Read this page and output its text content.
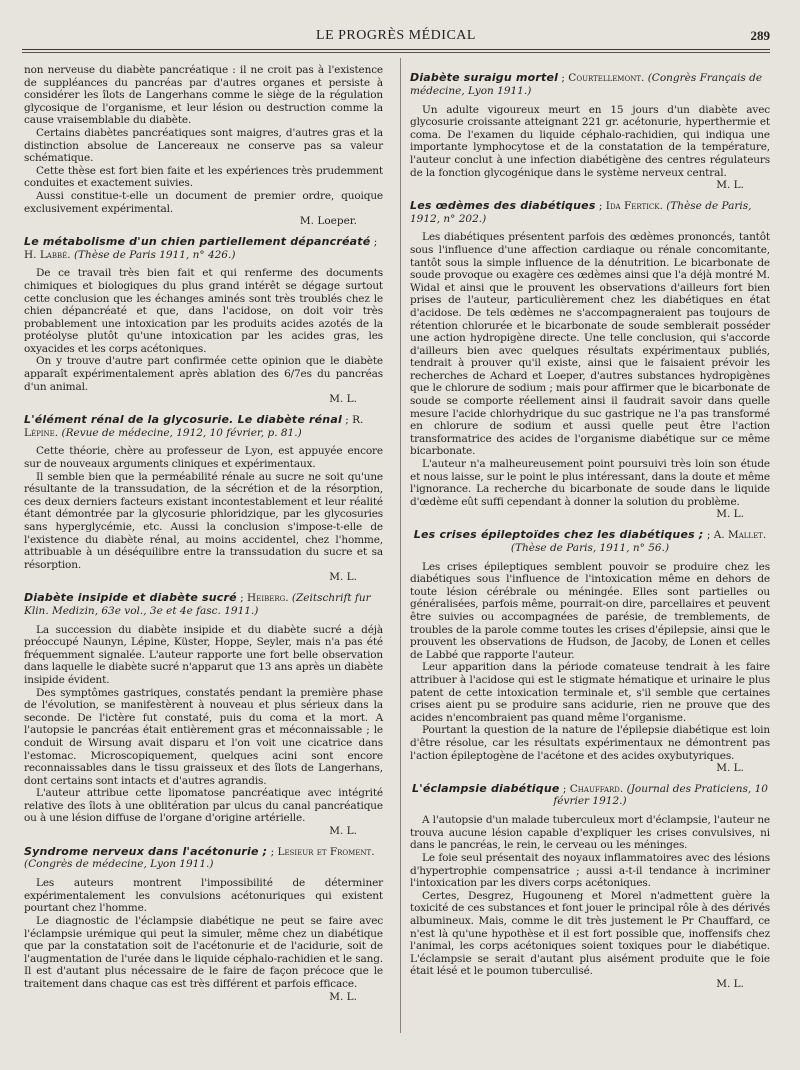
LE PROGRÈS MÉDICAL	289

non nerveuse du diabète pancréatique : il ne croit pas à l'existence de suppléances du pancréas par d'autres organes et persiste à considérer les îlots de Langerhans comme le siège de la régulation glycosique de l'organisme, et leur lésion ou destruction comme la cause vraisemblable du diabète.

Certains diabètes pancréatiques sont maigres, d'autres gras et la distinction absolue de Lancereaux ne conserve pas sa valeur schématique.

Cette thèse est fort bien faite et les expériences très prudemment conduites et exactement suivies.

Aussi constitue-t-elle un document de premier ordre, quoique exclusivement expérimental.

M. Loeper.
Le métabolisme d'un chien partiellement dépancréaté ; H. Labbé. (Thèse de Paris 1911, n° 426.)

De ce travail très bien fait et qui renferme des documents chimiques et biologiques du plus grand intérêt se dégage surtout cette conclusion que les échanges aminés sont très troublés chez le chien dépancréaté et que, dans l'acidose, on doit voir très probablement une intoxication par les produits acides azotés de la protéolyse plutôt qu'une intoxication par les acides gras, les oxyacides et les corps acétoniques.

On y trouve d'autre part confirmée cette opinion que le diabète apparaît expérimentalement après ablation des 6/7es du pancréas d'un animal.

M. L.
L'élément rénal de la glycosurie. Le diabète rénal ; R. Lépine. (Revue de médecine, 1912, 10 février, p. 81.)

Cette théorie, chère au professeur de Lyon, est appuyée encore sur de nouveaux arguments cliniques et expérimentaux.

Il semble bien que la perméabilité rénale au sucre ne soit qu'une résultante de la transsudation, de la sécrétion et de la résorption, ces deux derniers facteurs existant incontestablement et leur réalité étant démontrée par la glycosurie phloridzique, par les glycosuries sans hyperglycémie, etc. Aussi la conclusion s'impose-t-elle de l'existence du diabète rénal, au moins accidentel, chez l'homme, attribuable à un déséquilibre entre la transsudation du sucre et sa résorption.

M. L.
Diabète insipide et diabète sucré ; Heiberg. (Zeitschrift fur Klin. Medizin, 63e vol., 3e et 4e fasc. 1911.)

La succession du diabète insipide et du diabète sucré a déjà préoccupé Naunyn, Lépine, Küster, Hoppe, Seyler, mais n'a pas été fréquemment signalée. L'auteur rapporte une fort belle observation dans laquelle le diabète sucré n'apparut que 13 ans après un diabète insipide évident.

Des symptômes gastriques, constatés pendant la première phase de l'évolution, se manifestèrent à nouveau et plus sérieux dans la seconde. De l'ictère fut constaté, puis du coma et la mort. A l'autopsie le pancréas était entièrement gras et méconnaissable ; le conduit de Wirsung avait disparu et l'on voit une cicatrice dans l'estomac. Microscopiquement, quelques acini sont encore reconnaissables dans le tissu graisseux et des îlots de Langerhans, dont certains sont intacts et d'autres agrandis.

L'auteur attribue cette lipomatose pancréatique avec intégrité relative des îlots à une oblitération par ulcus du canal pancréatique ou à une lésion diffuse de l'organe d'origine artérielle.

M. L.
Syndrome nerveux dans l'acétonurie ; ; Lesieur et Froment. (Congrès de médecine, Lyon 1911.)

Les auteurs montrent l'impossibilité de déterminer expérimentalement les convulsions acétonuriques qui existent pourtant chez l'homme.

Le diagnostic de l'éclampsie diabétique ne peut se faire avec l'éclampsie urémique qui peut la simuler, même chez un diabétique que par la constatation soit de l'acétonurie et de l'acidurie, soit de l'augmentation de l'urée dans le liquide céphalo-rachidien et le sang. Il est d'autant plus nécessaire de le faire de façon précoce que le traitement dans chaque cas est très différent et parfois efficace.

M. L.
Diabète suraigu mortel ; Courtellemont. (Congrès Français de médecine, Lyon 1911.)

Un adulte vigoureux meurt en 15 jours d'un diabète avec glycosurie croissante atteignant 221 gr. acétonurie, hyperthermie et coma. De l'examen du liquide céphalo-rachidien, qui indiqua une importante lymphocytose et de la constatation de la température, l'auteur conclut à une infection diabétigène des centres régulateurs de la fonction glycogénique dans le système nerveux central.

M. L.
Les œdèmes des diabétiques ; Ida Fertick. (Thèse de Paris, 1912, n° 202.)

Les diabétiques présentent parfois des œdèmes prononcés, tantôt sous l'influence d'une affection cardiaque ou rénale concomitante, tantôt sous la simple influence de la dénutrition. Le bicarbonate de soude provoque ou exagère ces œdèmes ainsi que l'a déjà montré M. Widal et ainsi que le prouvent les observations d'ailleurs fort bien prises de l'auteur, particulièrement chez les diabétiques en état d'acidose. De tels œdèmes ne s'accompagneraient pas toujours de rétention chlorurée et le bicarbonate de soude semblerait posséder une action hydropigène directe. Une telle conclusion, qui s'accorde d'ailleurs bien avec quelques résultats expérimentaux publiés, tendrait à prouver qu'il existe, ainsi que le faisaient prévoir les recherches de Achard et Loeper, d'autres substances hydropigènes que le chlorure de sodium ; mais pour affirmer que le bicarbonate de soude se comporte réellement ainsi il faudrait savoir dans quelle mesure l'acide chlorhydrique du suc gastrique ne l'a pas transformé en chlorure de sodium et aussi quelle peut être l'action transformatrice des acides de l'organisme diabétique sur ce même bicarbonate.

L'auteur n'a malheureusement point poursuivi très loin son étude et nous laisse, sur le point le plus intéressant, dans la doute et même l'ignorance. La recherche du bicarbonate de soude dans le liquide d'œdème eût suffi cependant à donner la solution du problème.

M. L.
Les crises épileptoïdes chez les diabétiques ; ; A. Mallet. (Thèse de Paris, 1911, n° 56.)

Les crises épileptiques semblent pouvoir se produire chez les diabétiques sous l'influence de l'intoxication même en dehors de toute lésion cérébrale ou méningée. Elles sont partielles ou généralisées, parfois même, pourrait-on dire, parcellaires et peuvent être suivies ou accompagnées de parésie, de tremblements, de troubles de la parole comme toutes les crises d'épilepsie, ainsi que le prouvent les observations de Hudson, de Jacoby, de Lonen et celles de Labbé que rapporte l'auteur.

Leur apparition dans la période comateuse tendrait à les faire attribuer à l'acidose qui est le stigmate hématique et urinaire le plus patent de cette intoxication terminale et, s'il semble que certaines crises aient pu se produire sans acidurie, rien ne prouve que des acides n'encombraient pas quand même l'organisme.

Pourtant la question de la nature de l'épilepsie diabétique est loin d'être résolue, car les résultats expérimentaux ne démontrent pas l'action épileptogène de l'acétone et des acides oxybutyriques.

M. L.
L'éclampsie diabétique ; Chauffard. (Journal des Praticiens, 10 février 1912.)

A l'autopsie d'un malade tuberculeux mort d'éclampsie, l'auteur ne trouva aucune lésion capable d'expliquer les crises convulsives, ni dans le pancréas, le rein, le cerveau ou les méninges.

Le foie seul présentait des noyaux inflammatoires avec des lésions d'hypertrophie compensatrice ; aussi a-t-il tendance à incriminer l'intoxication par les divers corps acétoniques.

Certes, Desgrez, Hugouneng et Morel n'admettent guère la toxicité de ces substances et font jouer le principal rôle à des dérivés albumineux. Mais, comme le dit très justement le Pr Chauffard, ce n'est là qu'une hypothèse et il est fort possible que, inoffensifs chez l'animal, les corps acétoniques soient toxiques pour le diabétique. L'éclampsie se serait d'autant plus aisément produite que le foie était lésé et le poumon tuberculisé.

M. L.
